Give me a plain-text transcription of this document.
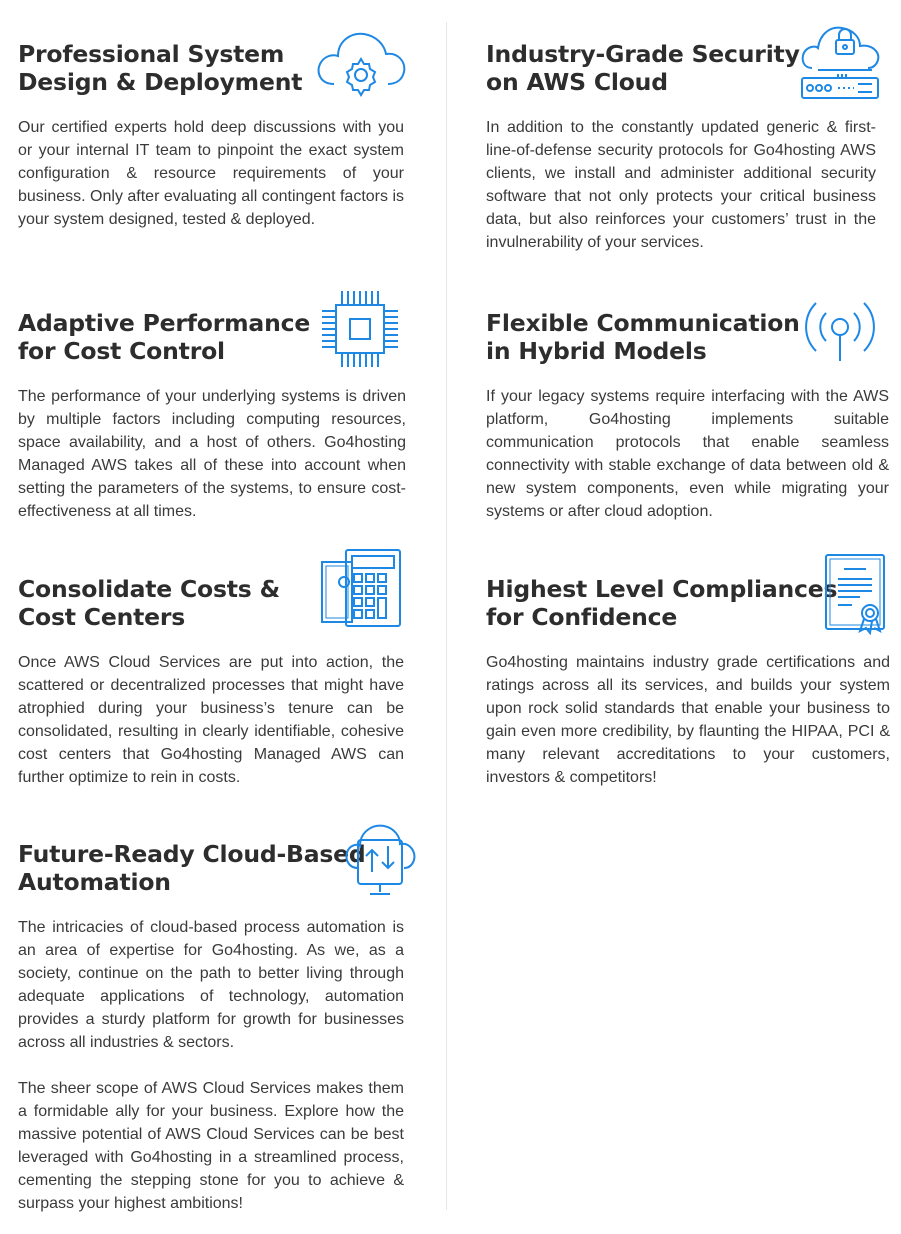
Professional System
Design & Deployment

Our certified experts hold deep discussions with you or your internal IT team to pinpoint the exact system configuration & resource requirements of your business. Only after evaluating all contingent factors is your system designed, tested & deployed.

Industry-Grade Security
on AWS Cloud

In addition to the constantly updated generic & first-line-of-defense security protocols for Go4hosting AWS clients, we install and administer additional security software that not only protects your critical business data, but also reinforces your customers’ trust in the invulnerability of your services.

Adaptive Performance
for Cost Control

The performance of your underlying systems is driven by multiple factors including computing resources, space availability, and a host of others. Go4hosting Managed AWS takes all of these into account when setting the parameters of the systems, to ensure cost-effectiveness at all times.

Flexible Communication
in Hybrid Models

If your legacy systems require interfacing with the AWS platform, Go4hosting implements suitable communication protocols that enable seamless connectivity with stable exchange of data between old & new system components, even while migrating your systems or after cloud adoption.

Consolidate Costs &
Cost Centers

Once AWS Cloud Services are put into action, the scattered or decentralized processes that might have atrophied during your business’s tenure can be consolidated, resulting in clearly identifiable, cohesive cost centers that Go4hosting Managed AWS can further optimize to rein in costs.

Highest Level Compliances
for Confidence

Go4hosting maintains industry grade certifications and ratings across all its services, and builds your system upon rock solid standards that enable your business to gain even more credibility, by flaunting the HIPAA, PCI & many relevant accreditations to your customers, investors & competitors!

Future-Ready Cloud-Based
Automation

The intricacies of cloud-based process automation is an area of expertise for Go4hosting. As we, as a society, continue on the path to better living through adequate applications of technology, automation provides a sturdy platform for growth for businesses across all industries & sectors.

The sheer scope of AWS Cloud Services makes them a formidable ally for your business. Explore how the massive potential of AWS Cloud Services can be best leveraged with Go4hosting in a streamlined process, cementing the stepping stone for you to achieve & surpass your highest ambitions!
